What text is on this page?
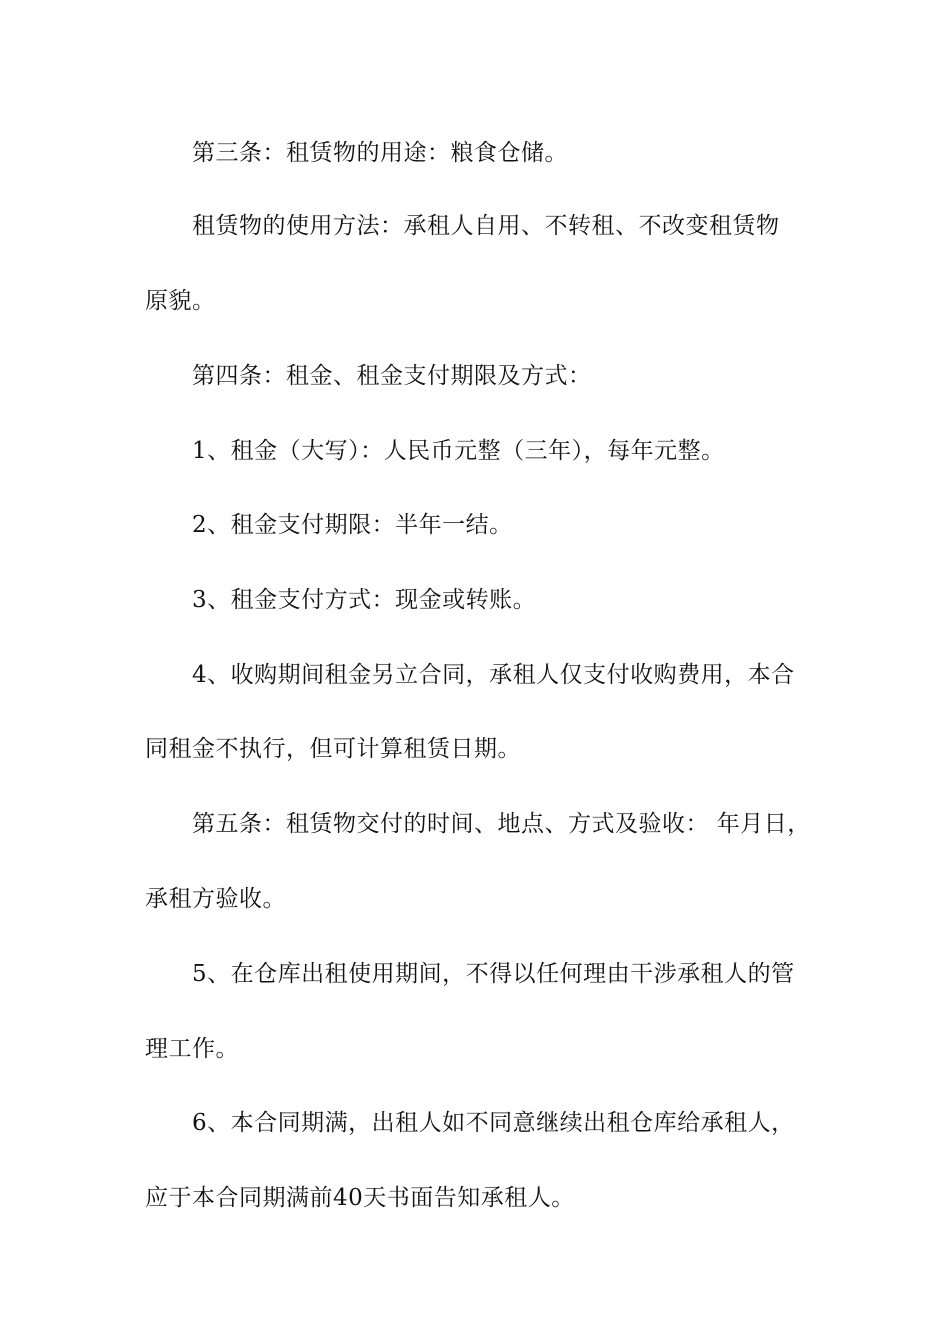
第三条：租赁物的用途：粮食仓储。
租赁物的使用方法：承租人自用、不转租、不改变租赁物
原貌。
第四条：租金、租金支付期限及方式：
1、租金（大写）：人民币元整（三年），每年元整。
2、租金支付期限：半年一结。
3、租金支付方式：现金或转账。
4、收购期间租金另立合同，承租人仅支付收购费用，本合
同租金不执行，但可计算租赁日期。
第五条：租赁物交付的时间、地点、方式及验收： 年月日，
承租方验收。
5、在仓库出租使用期间，不得以任何理由干涉承租人的管
理工作。
6、本合同期满，出租人如不同意继续出租仓库给承租人，
应于本合同期满前40天书面告知承租人。
